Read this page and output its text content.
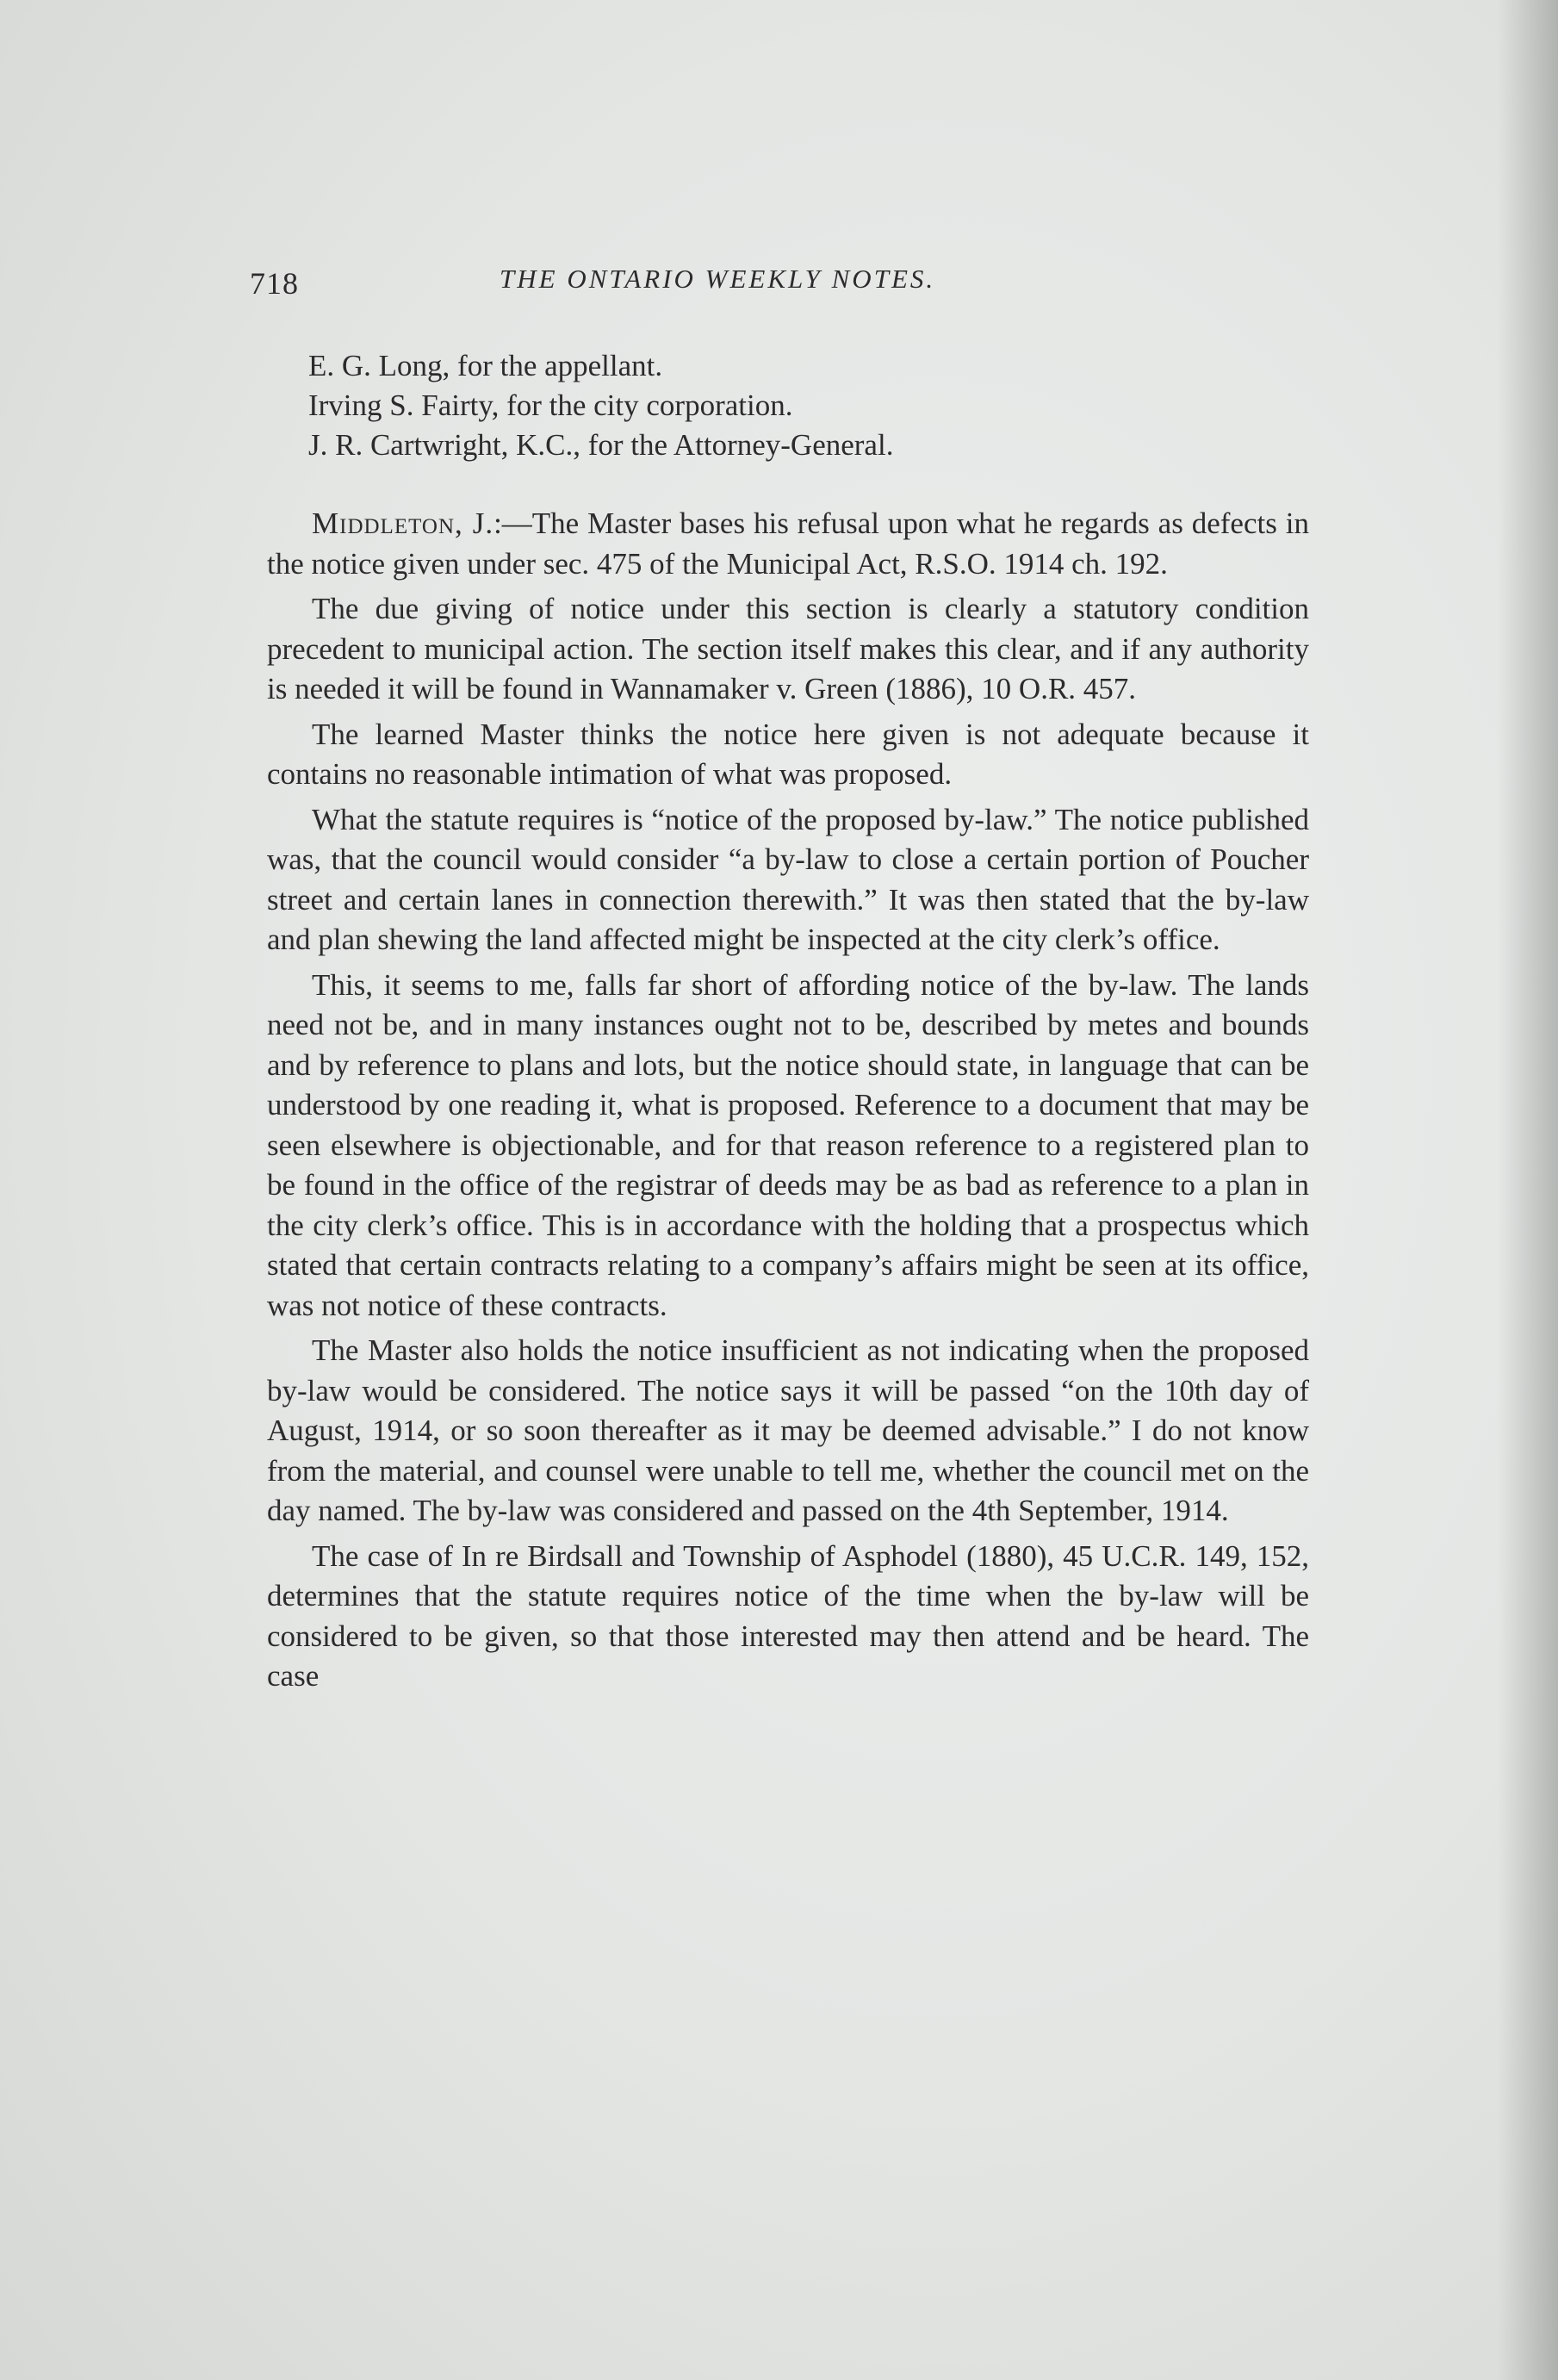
718	THE ONTARIO WEEKLY NOTES.
E. G. Long, for the appellant.
Irving S. Fairty, for the city corporation.
J. R. Cartwright, K.C., for the Attorney-General.

Middleton, J.:—The Master bases his refusal upon what he regards as defects in the notice given under sec. 475 of the Municipal Act, R.S.O. 1914 ch. 192.

The due giving of notice under this section is clearly a statutory condition precedent to municipal action. The section itself makes this clear, and if any authority is needed it will be found in Wannamaker v. Green (1886), 10 O.R. 457.

The learned Master thinks the notice here given is not adequate because it contains no reasonable intimation of what was proposed.

What the statute requires is “notice of the proposed by-law.” The notice published was, that the council would consider “a by-law to close a certain portion of Poucher street and certain lanes in connection therewith.” It was then stated that the by-law and plan shewing the land affected might be inspected at the city clerk’s office.

This, it seems to me, falls far short of affording notice of the by-law. The lands need not be, and in many instances ought not to be, described by metes and bounds and by reference to plans and lots, but the notice should state, in language that can be understood by one reading it, what is proposed. Reference to a document that may be seen elsewhere is objectionable, and for that reason reference to a registered plan to be found in the office of the registrar of deeds may be as bad as reference to a plan in the city clerk’s office. This is in accordance with the holding that a prospectus which stated that certain contracts relating to a company’s affairs might be seen at its office, was not notice of these contracts.

The Master also holds the notice insufficient as not indicating when the proposed by-law would be considered. The notice says it will be passed “on the 10th day of August, 1914, or so soon thereafter as it may be deemed advisable.” I do not know from the material, and counsel were unable to tell me, whether the council met on the day named. The by-law was considered and passed on the 4th September, 1914.

The case of In re Birdsall and Township of Asphodel (1880), 45 U.C.R. 149, 152, determines that the statute requires notice of the time when the by-law will be considered to be given, so that those interested may then attend and be heard. The case
